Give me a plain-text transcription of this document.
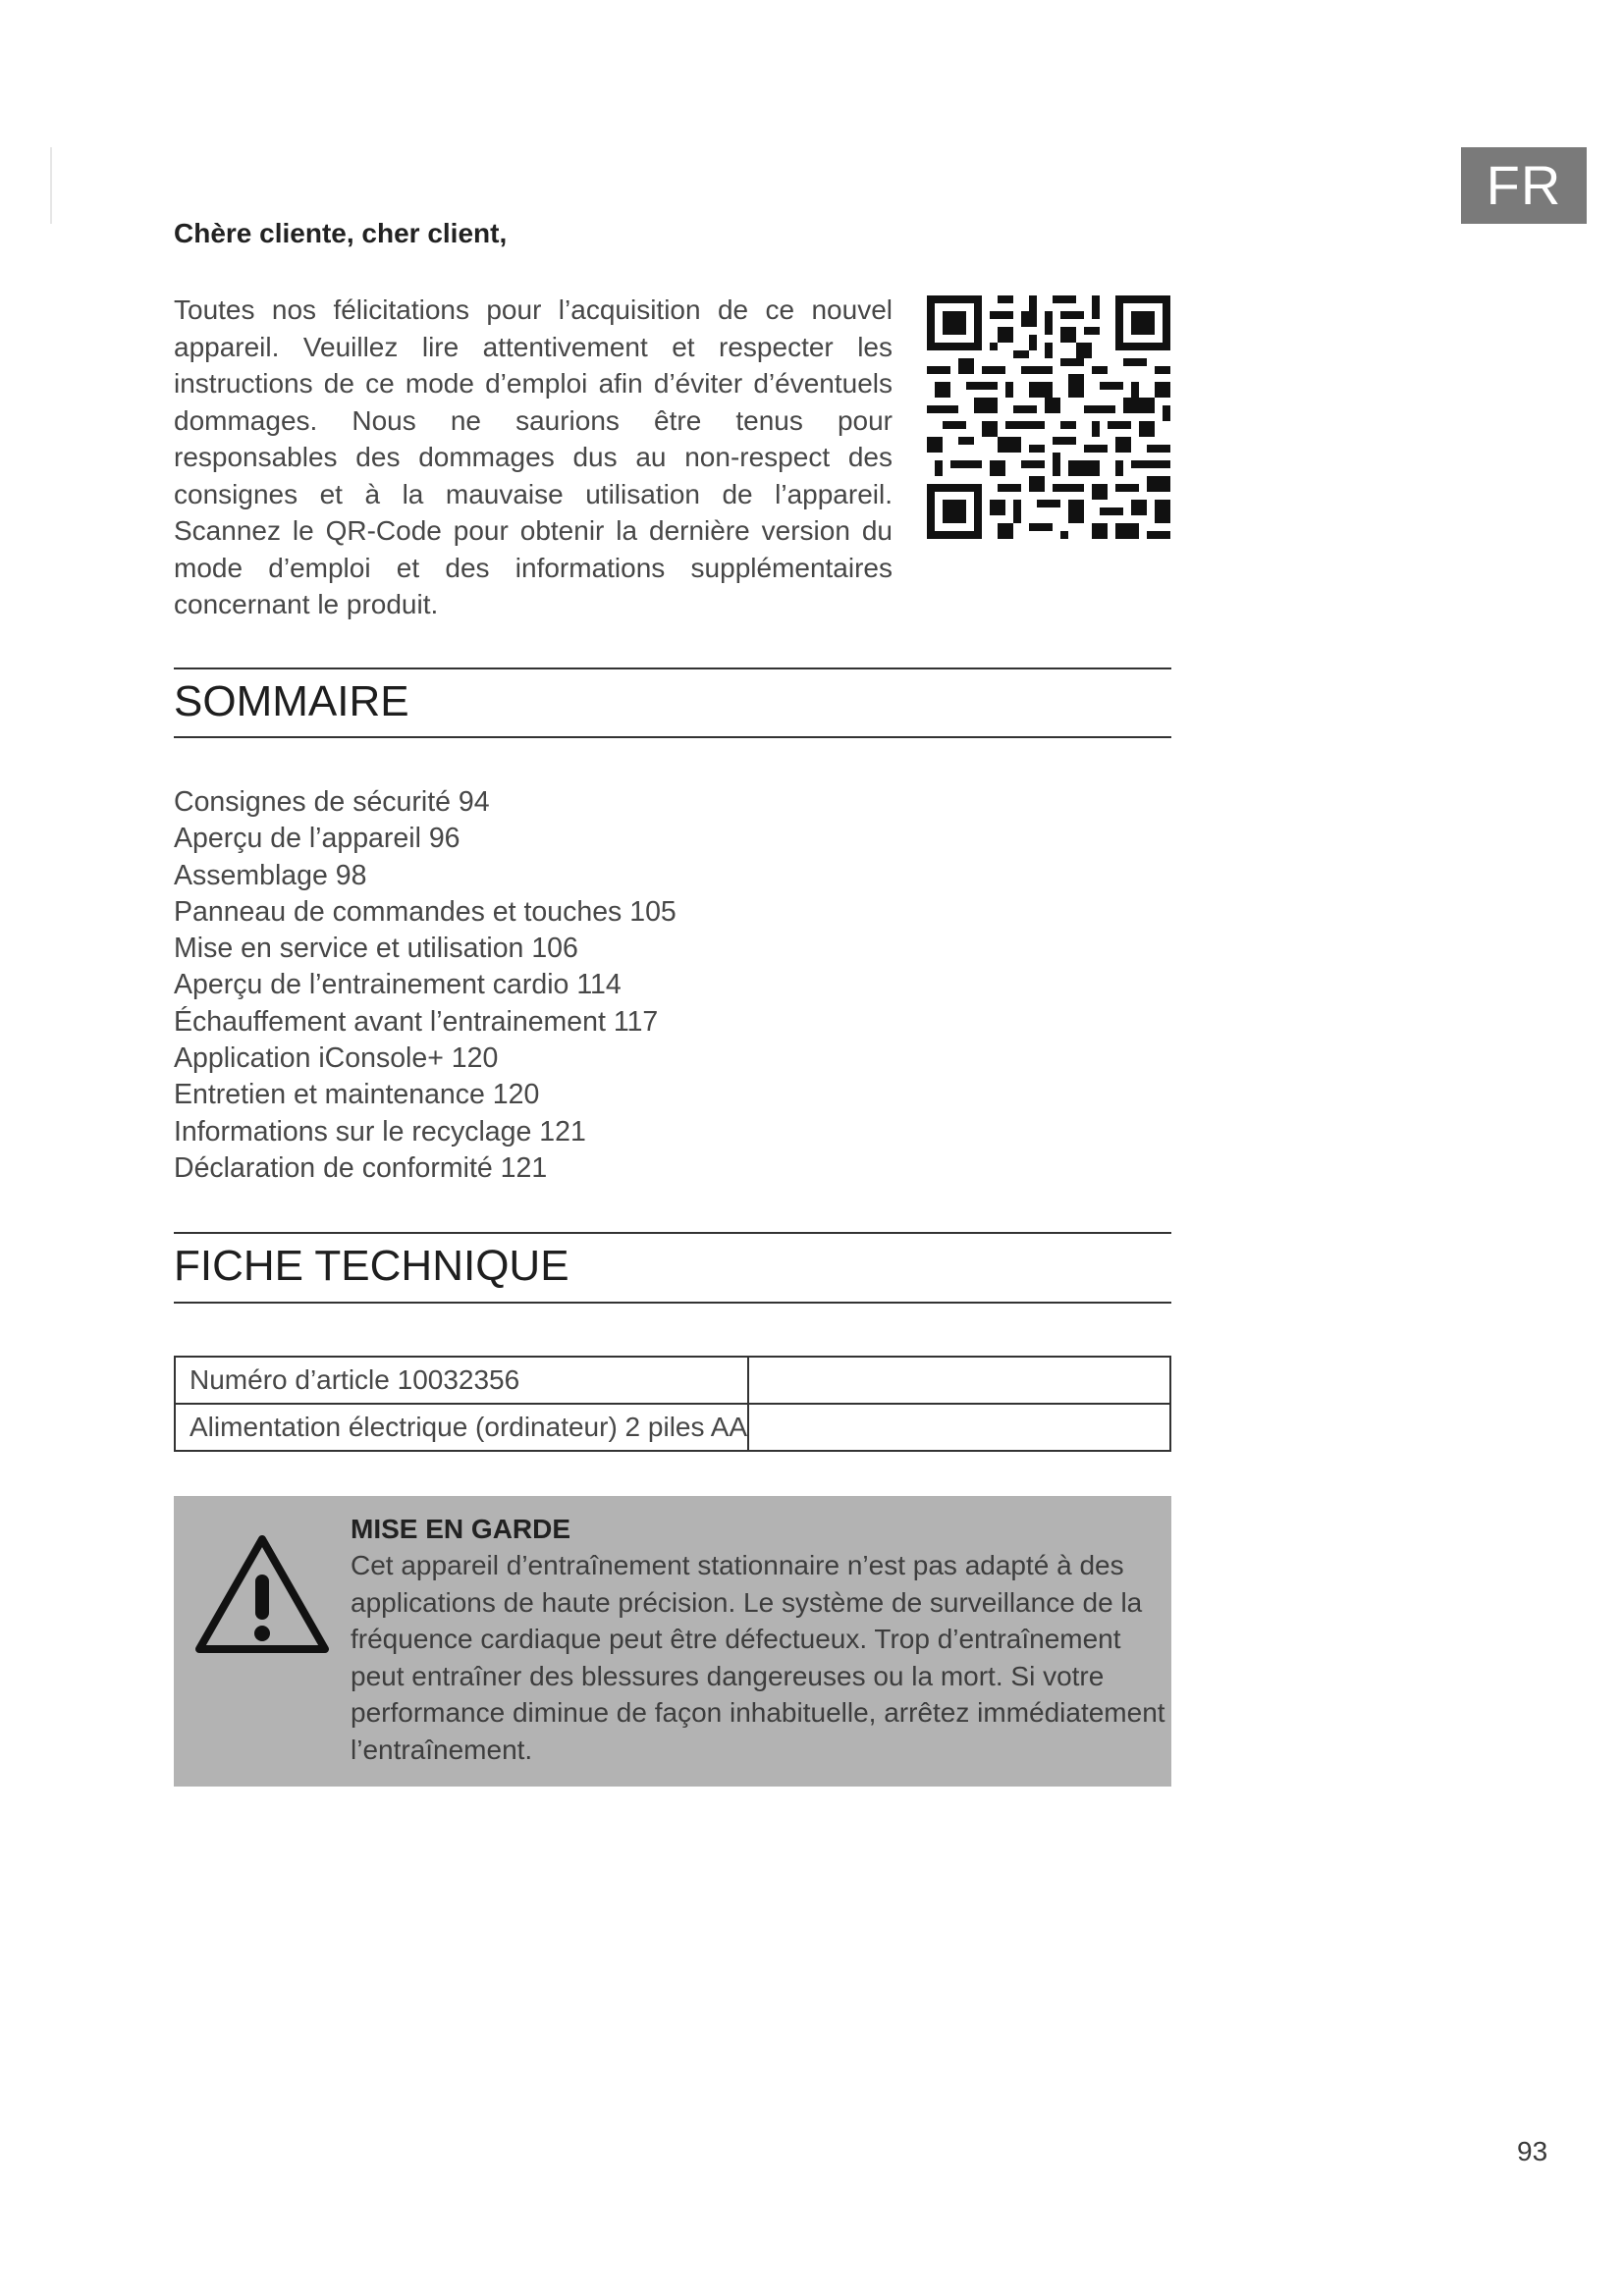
FR
Chère cliente, cher client,

Toutes nos félicitations pour l’acquisition de ce nouvel appareil. Veuillez lire attentivement et respecter les instructions de ce mode d’emploi afin d’éviter d’éventuels dommages. Nous ne saurions être tenus pour responsables des dommages dus au non-respect des consignes et à la mauvaise utilisation de l’appareil. Scannez le QR-Code pour obtenir la dernière version du mode d’emploi et des informations supplémentaires concernant le produit.

SOMMAIRE
Consignes de sécurité 94
Aperçu de l’appareil 96
Assemblage 98
Panneau de commandes et touches 105
Mise en service et utilisation 106
Aperçu de l’entrainement cardio 114
Échauffement avant l’entrainement 117
Application iConsole+ 120
Entretien et maintenance 120
Informations sur le recyclage 121
Déclaration de conformité 121
FICHE TECHNIQUE
Numéro d’article 10032356	
Alimentation électrique (ordinateur) 2 piles AA	
MISE EN GARDE

Cet appareil d’entraînement stationnaire n’est pas adapté à des applications de haute précision. Le système de surveillance de la fréquence cardiaque peut être défectueux. Trop d’entraînement peut entraîner des blessures dangereuses ou la mort. Si votre performance diminue de façon inhabituelle, arrêtez immédiatement l’entraînement.

93
